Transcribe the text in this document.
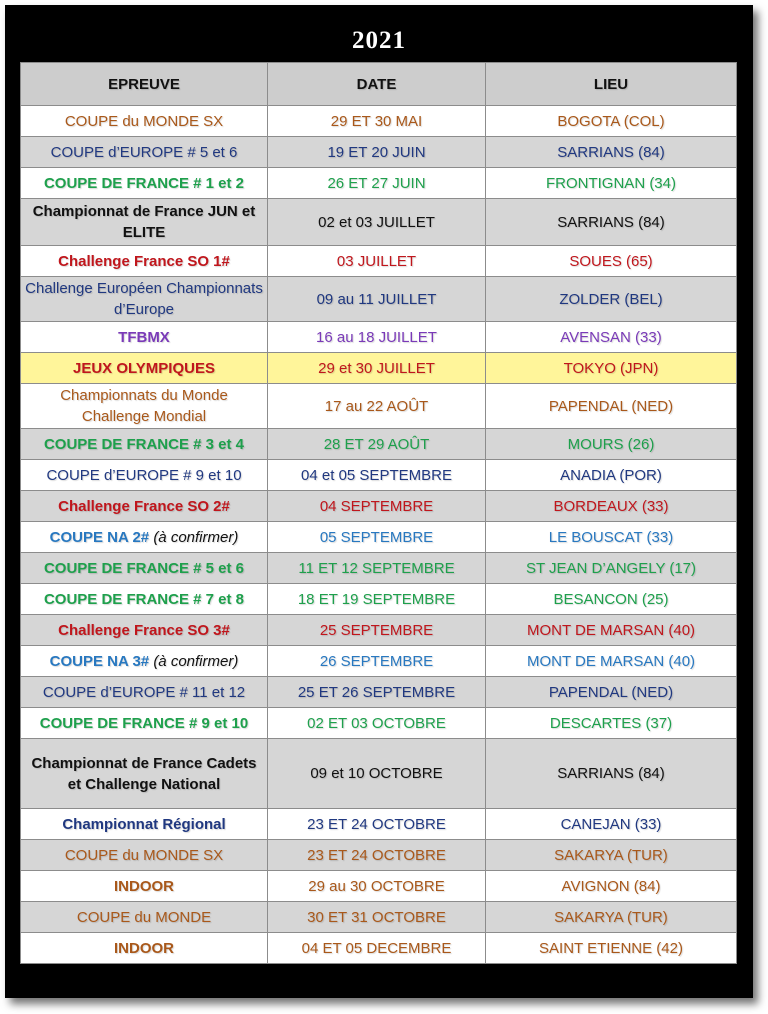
2021
EPREUVE	DATE	LIEU
COUPE du MONDE SX	29 ET 30 MAI	BOGOTA (COL)
COUPE d’EUROPE # 5 et 6	19 ET 20 JUIN	SARRIANS (84)
COUPE DE FRANCE # 1 et 2	26 ET 27 JUIN	FRONTIGNAN (34)
Championnat de France JUN et ELITE	02 et 03 JUILLET	SARRIANS (84)
Challenge France SO 1#	03 JUILLET	SOUES (65)
Challenge Européen Championnats d’Europe	09 au 11 JUILLET	ZOLDER (BEL)
TFBMX	16 au 18 JUILLET	AVENSAN (33)
JEUX OLYMPIQUES	29 et 30 JUILLET	TOKYO (JPN)
Championnats du Monde Challenge Mondial	17 au 22 AOÛT	PAPENDAL (NED)
COUPE DE FRANCE # 3 et 4	28 ET 29 AOÛT	MOURS (26)
COUPE d’EUROPE # 9 et 10	04 et 05 SEPTEMBRE	ANADIA (POR)
Challenge France SO 2#	04 SEPTEMBRE	BORDEAUX (33)
COUPE NA 2# (à confirmer)	05 SEPTEMBRE	LE BOUSCAT (33)
COUPE DE FRANCE # 5 et 6	11 ET 12 SEPTEMBRE	ST JEAN D’ANGELY (17)
COUPE DE FRANCE # 7 et 8	18 ET 19 SEPTEMBRE	BESANCON (25)
Challenge France SO 3#	25 SEPTEMBRE	MONT DE MARSAN (40)
COUPE NA 3# (à confirmer)	26 SEPTEMBRE	MONT DE MARSAN (40)
COUPE d’EUROPE # 11 et 12	25 ET 26 SEPTEMBRE	PAPENDAL (NED)
COUPE DE FRANCE # 9 et 10	02 ET 03 OCTOBRE	DESCARTES (37)
Championnat de France Cadets et Challenge National	09 et 10 OCTOBRE	SARRIANS (84)
Championnat Régional	23 ET 24 OCTOBRE	CANEJAN (33)
COUPE du MONDE SX	23 ET 24 OCTOBRE	SAKARYA (TUR)
INDOOR	29 au 30 OCTOBRE	AVIGNON (84)
COUPE du MONDE	30 ET 31 OCTOBRE	SAKARYA (TUR)
INDOOR	04 ET 05 DECEMBRE	SAINT ETIENNE (42)
